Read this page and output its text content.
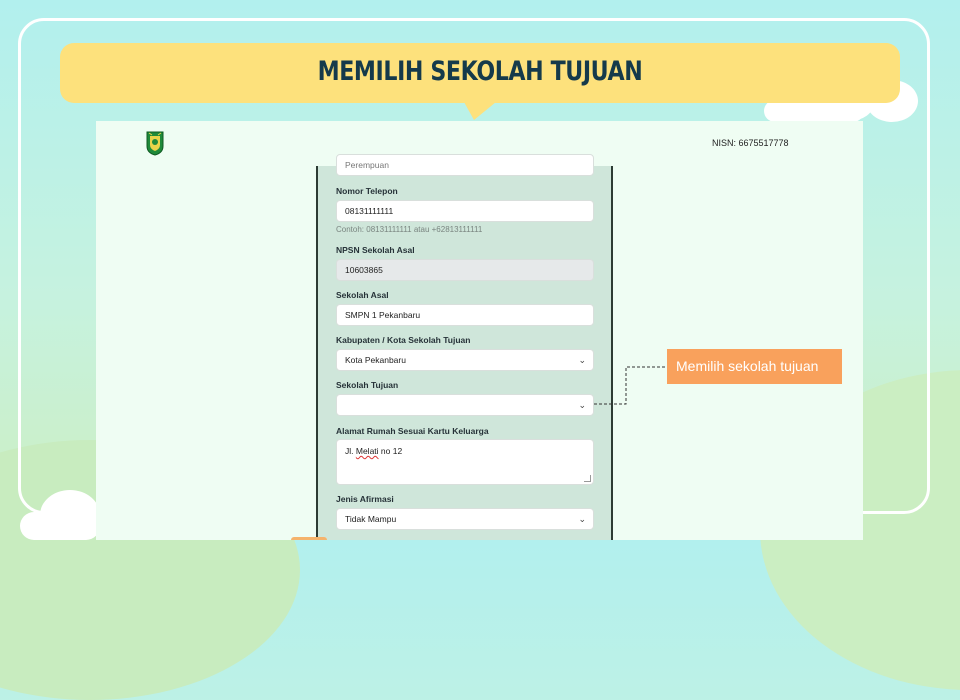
MEMILIH SEKOLAH TUJUAN
NISN: 6675517778
Perempuan
Nomor Telepon
08131111111
Contoh: 08131111111 atau +62813111111
NPSN Sekolah Asal
10603865
Sekolah Asal
SMPN 1 Pekanbaru
Kabupaten / Kota Sekolah Tujuan
Kota Pekanbaru	⌄
Sekolah Tujuan
⌄
Alamat Rumah Sesuai Kartu Keluarga
Jl. Melati no 12
Jenis Afirmasi
Tidak Mampu	⌄
Memilih sekolah tujuan
